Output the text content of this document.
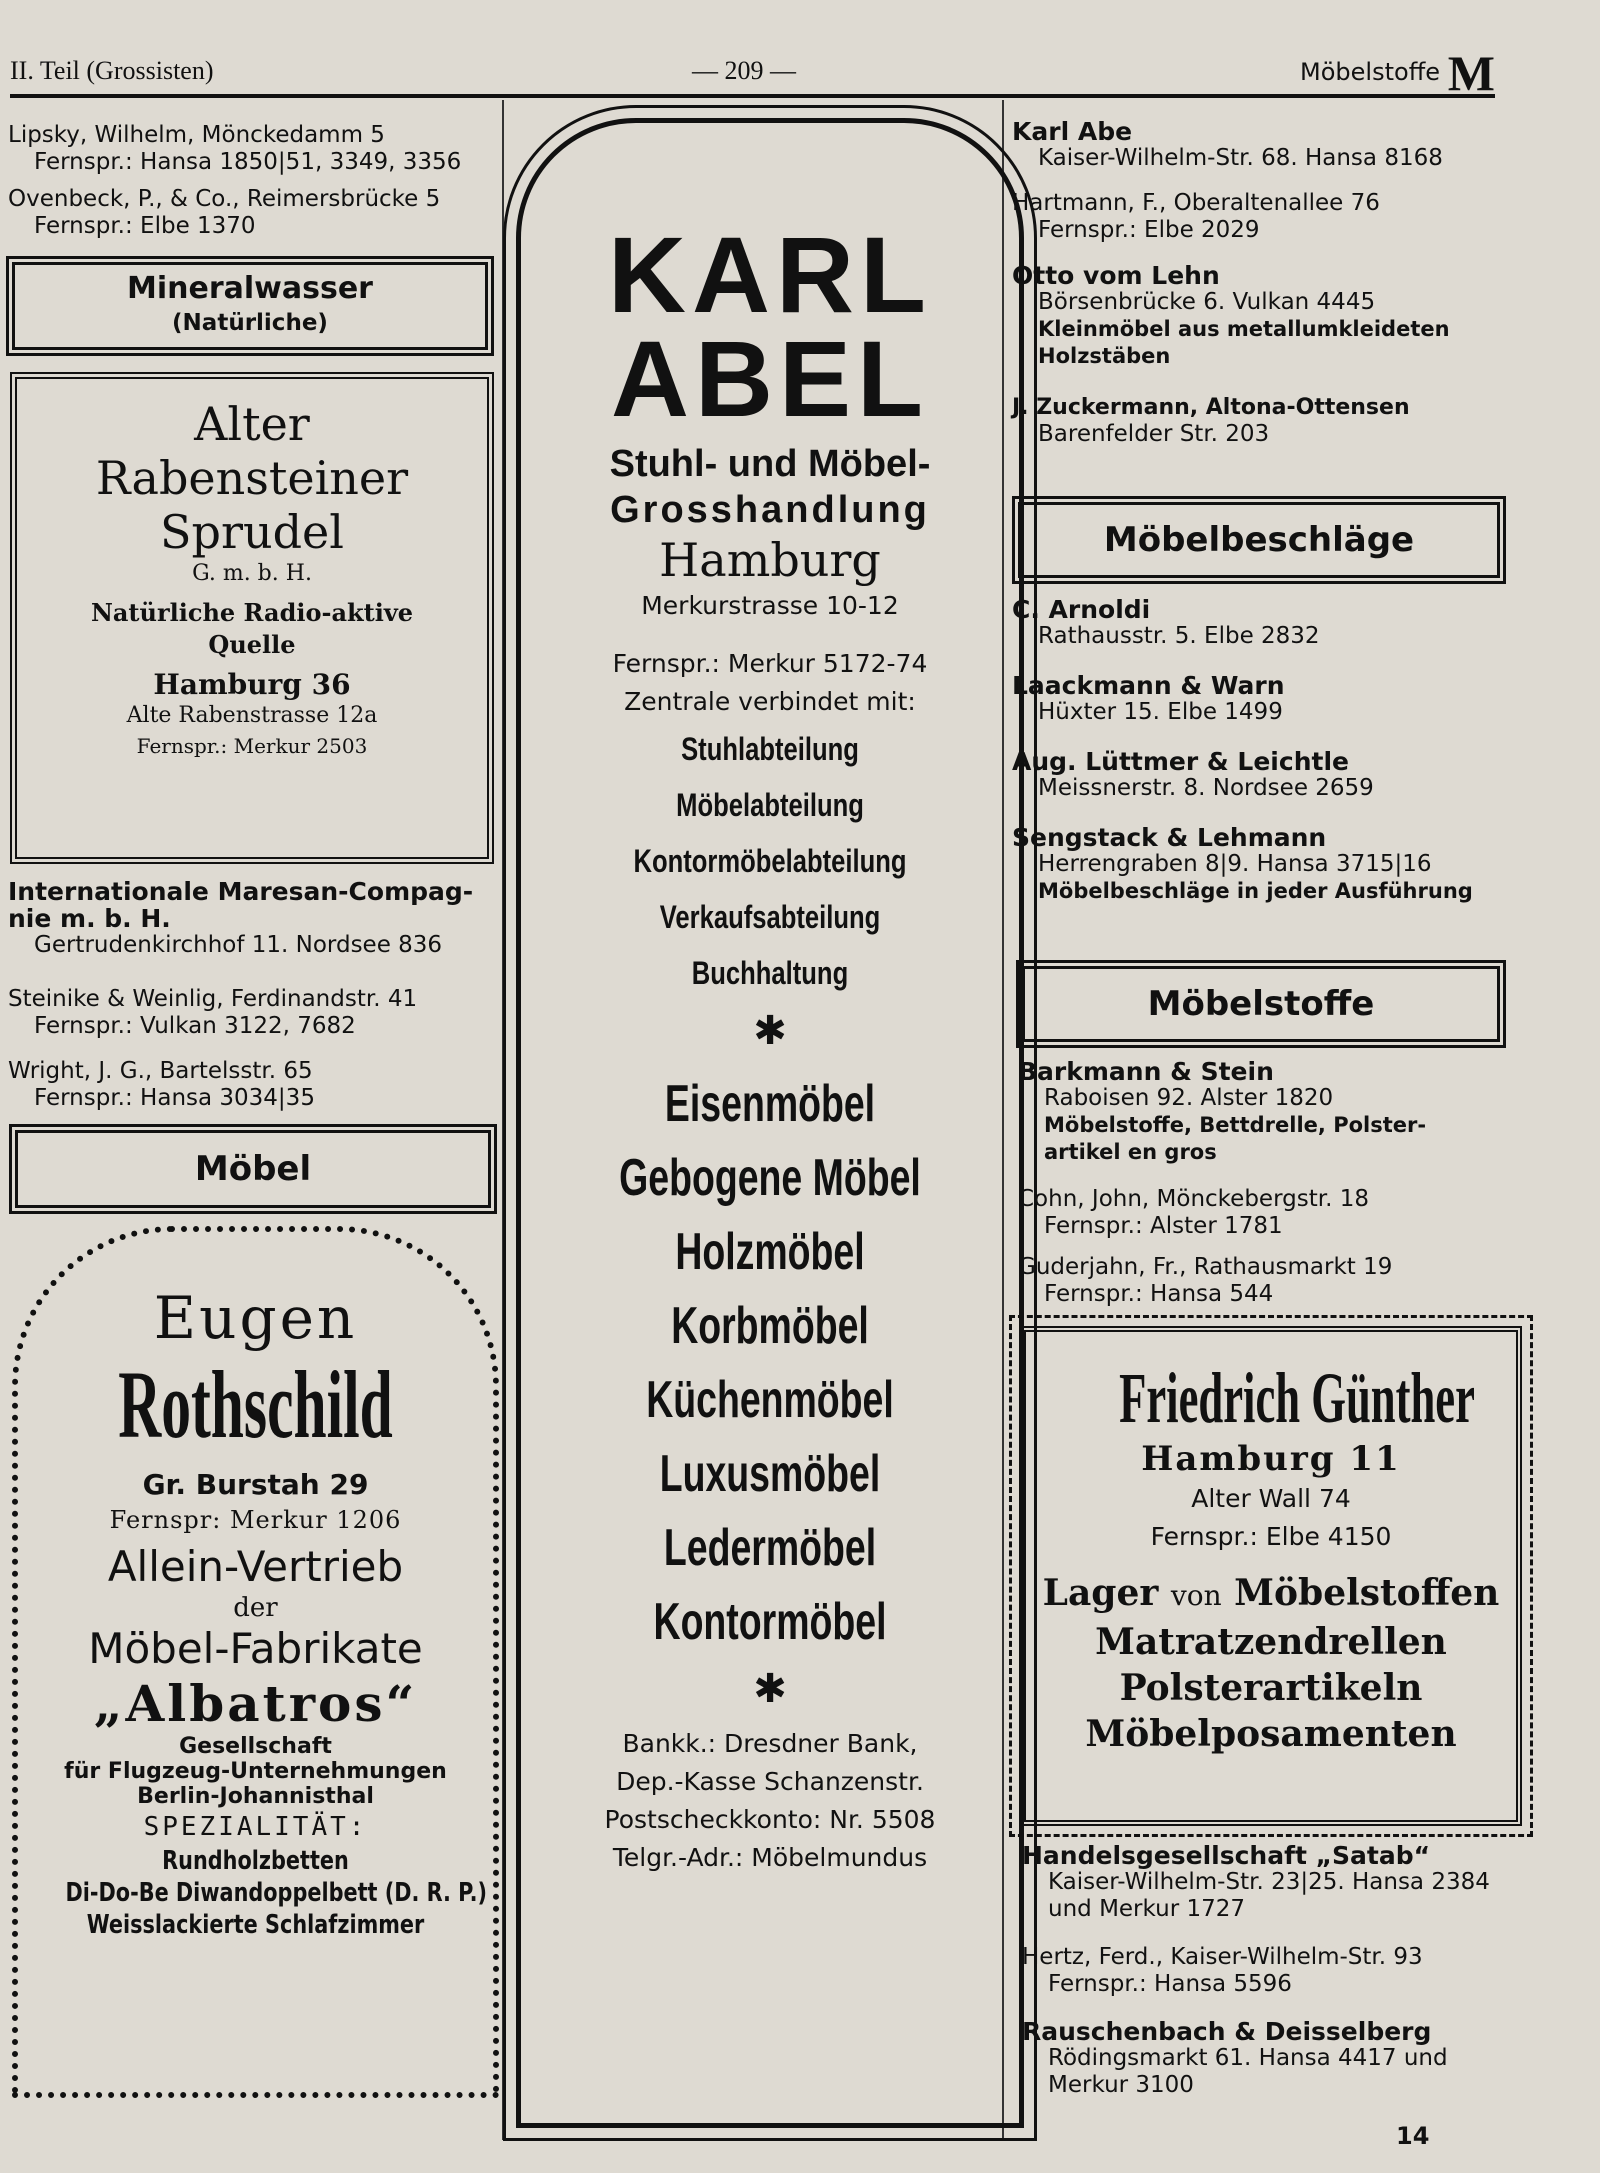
II. Teil (Grossisten)	— 209 —	Möbelstoffe M
Lipsky, Wilhelm, Mönckedamm 5
Fernspr.: Hansa 1850|51, 3349, 3356
Ovenbeck, P., & Co., Reimersbrücke 5
Fernspr.: Elbe 1370
Mineralwasser
(Natürliche)
Alter
Rabensteiner
Sprudel
G. m. b. H.
Natürliche Radio-aktive
Quelle
Hamburg 36
Alte Rabenstrasse 12a
Fernspr.: Merkur 2503
Internationale Maresan-Compag-
nie m. b. H.
Gertrudenkirchhof 11. Nordsee 836
Steinike & Weinlig, Ferdinandstr. 41
Fernspr.: Vulkan 3122, 7682
Wright, J. G., Bartelsstr. 65
Fernspr.: Hansa 3034|35
Möbel
Eugen
Rothschild
Gr. Burstah 29
Fernspr: Merkur 1206
Allein-Vertrieb
der
Möbel-Fabrikate
„Albatros“
Gesellschaft
für Flugzeug-Unternehmungen
Berlin-Johannisthal
SPEZIALITÄT:
Rundholzbetten
Di-Do-Be Diwandoppelbett (D. R. P.)
Weisslackierte Schlafzimmer
KARL
ABEL
Stuhl- und Möbel-
Grosshandlung
Hamburg
Merkurstrasse 10-12
Fernspr.: Merkur 5172-74
Zentrale verbindet mit:
Stuhlabteilung
Möbelabteilung
Kontormöbelabteilung
Verkaufsabteilung
Buchhaltung
✱
Eisenmöbel
Gebogene Möbel
Holzmöbel
Korbmöbel
Küchenmöbel
Luxusmöbel
Ledermöbel
Kontormöbel
✱
Bankk.: Dresdner Bank,
Dep.-Kasse Schanzenstr.
Postscheckkonto: Nr. 5508
Telgr.-Adr.: Möbelmundus
Karl Abe
Kaiser-Wilhelm-Str. 68. Hansa 8168
Hartmann, F., Oberaltenallee 76
Fernspr.: Elbe 2029
Otto vom Lehn
Börsenbrücke 6. Vulkan 4445
Kleinmöbel aus metallumkleideten
Holzstäben
J. Zuckermann, Altona-Ottensen
Barenfelder Str. 203
Möbelbeschläge
C. Arnoldi
Rathausstr. 5. Elbe 2832
Laackmann & Warn
Hüxter 15. Elbe 1499
Aug. Lüttmer & Leichtle
Meissnerstr. 8. Nordsee 2659
Sengstack & Lehmann
Herrengraben 8|9. Hansa 3715|16
Möbelbeschläge in jeder Ausführung
Möbelstoffe
Barkmann & Stein
Raboisen 92. Alster 1820
Möbelstoffe, Bettdrelle, Polster-
artikel en gros
Cohn, John, Mönckebergstr. 18
Fernspr.: Alster 1781
Guderjahn, Fr., Rathausmarkt 19
Fernspr.: Hansa 544
Friedrich Günther
Hamburg 11
Alter Wall 74
Fernspr.: Elbe 4150
Lager von Möbelstoffen
Matratzendrellen
Polsterartikeln
Möbelposamenten
Handelsgesellschaft „Satab“
Kaiser-Wilhelm-Str. 23|25. Hansa 2384
und Merkur 1727
Hertz, Ferd., Kaiser-Wilhelm-Str. 93
Fernspr.: Hansa 5596
Rauschenbach & Deisselberg
Rödingsmarkt 61. Hansa 4417 und
Merkur 3100
14
